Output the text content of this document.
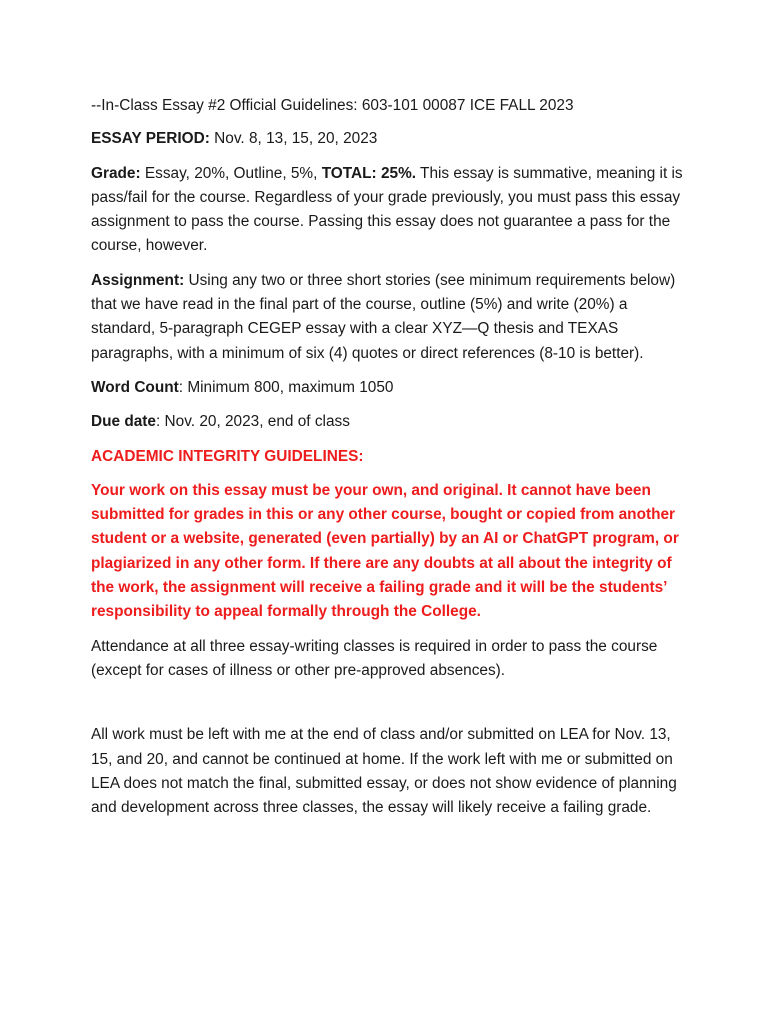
--In-Class Essay #2 Official Guidelines: 603-101 00087 ICE FALL 2023

ESSAY PERIOD: Nov. 8, 13, 15, 20, 2023

Grade: Essay, 20%, Outline, 5%, TOTAL: 25%. This essay is summative, meaning it is pass/fail for the course. Regardless of your grade previously, you must pass this essay assignment to pass the course. Passing this essay does not guarantee a pass for the course, however.

Assignment: Using any two or three short stories (see minimum requirements below) that we have read in the final part of the course, outline (5%) and write (20%) a standard, 5-paragraph CEGEP essay with a clear XYZ—Q thesis and TEXAS paragraphs, with a minimum of six (4) quotes or direct references (8-10 is better).

Word Count: Minimum 800, maximum 1050

Due date: Nov. 20, 2023, end of class

ACADEMIC INTEGRITY GUIDELINES:

Your work on this essay must be your own, and original. It cannot have been submitted for grades in this or any other course, bought or copied from another student or a website, generated (even partially) by an AI or ChatGPT program, or plagiarized in any other form. If there are any doubts at all about the integrity of the work, the assignment will receive a failing grade and it will be the students’ responsibility to appeal formally through the College.

Attendance at all three essay-writing classes is required in order to pass the course (except for cases of illness or other pre-approved absences).

All work must be left with me at the end of class and/or submitted on LEA for Nov. 13, 15, and 20, and cannot be continued at home. If the work left with me or submitted on LEA does not match the final, submitted essay, or does not show evidence of planning and development across three classes, the essay will likely receive a failing grade.
